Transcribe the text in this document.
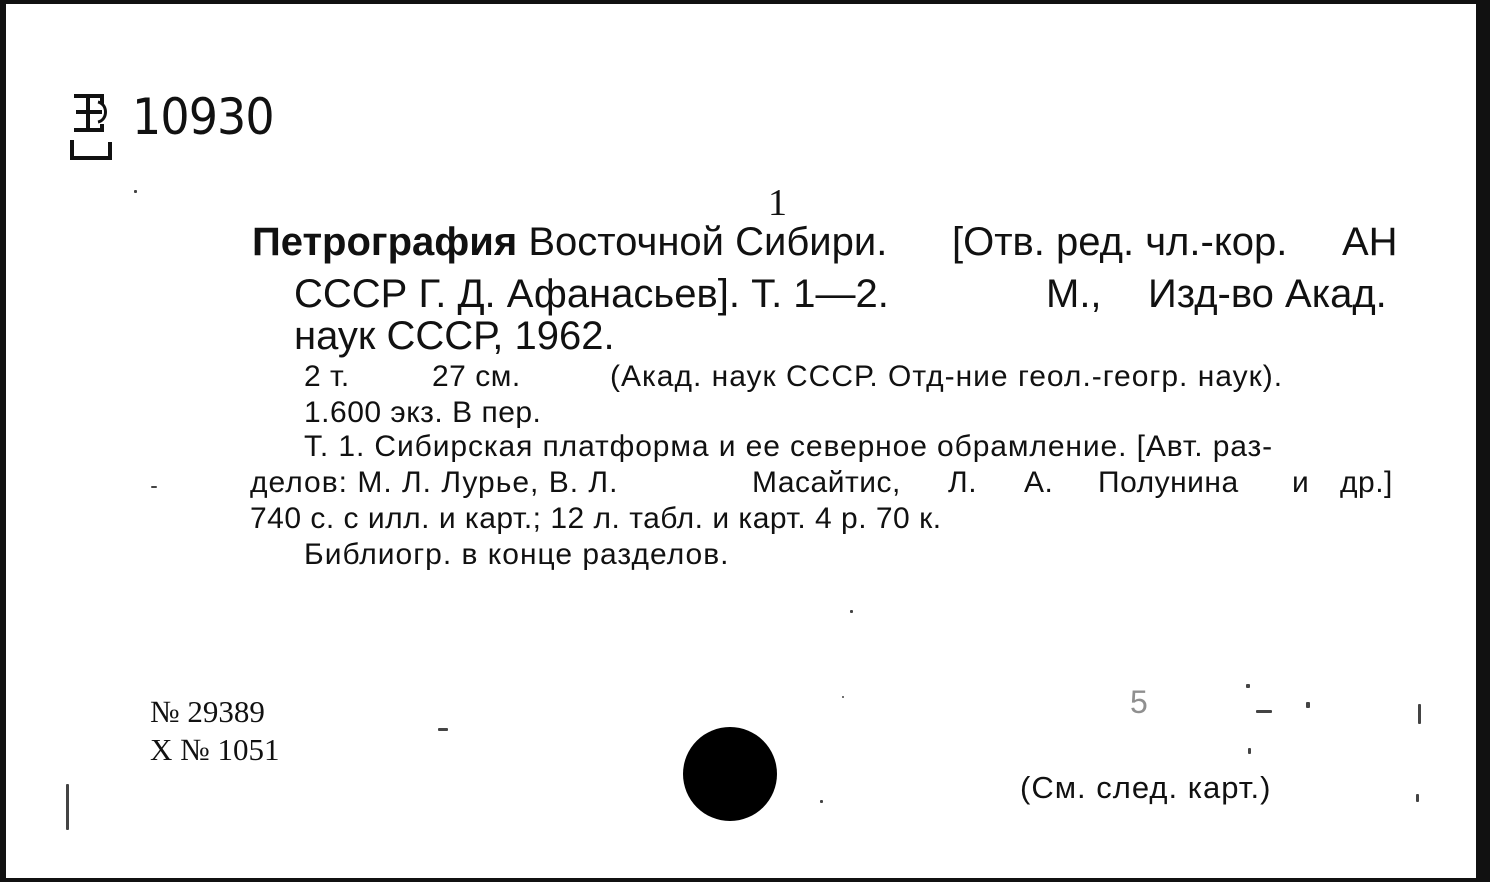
10930
1
Петрография Восточной Сибири. [Отв. ред. чл.-кор. АН
СССР Г. Д. Афанасьев]. Т. 1—2.	М., Изд-во Акад.
наук СССР, 1962.
2 т.	27 см.	(Акад. наук СССР. Отд-ние геол.-геогр. наук).
1.600 экз. В пер.
Т. 1. Сибирская платформа и ее северное обрамление. [Авт. раз-
делов: М. Л. Лурье, В. Л.	Масайтис, Л. А. Полунина и др.]
740 с. с илл. и карт.; 12 л. табл. и карт. 4 р. 70 к.
Библиогр. в конце разделов.
№ 29389
X № 1051
5
(См. след. карт.)
